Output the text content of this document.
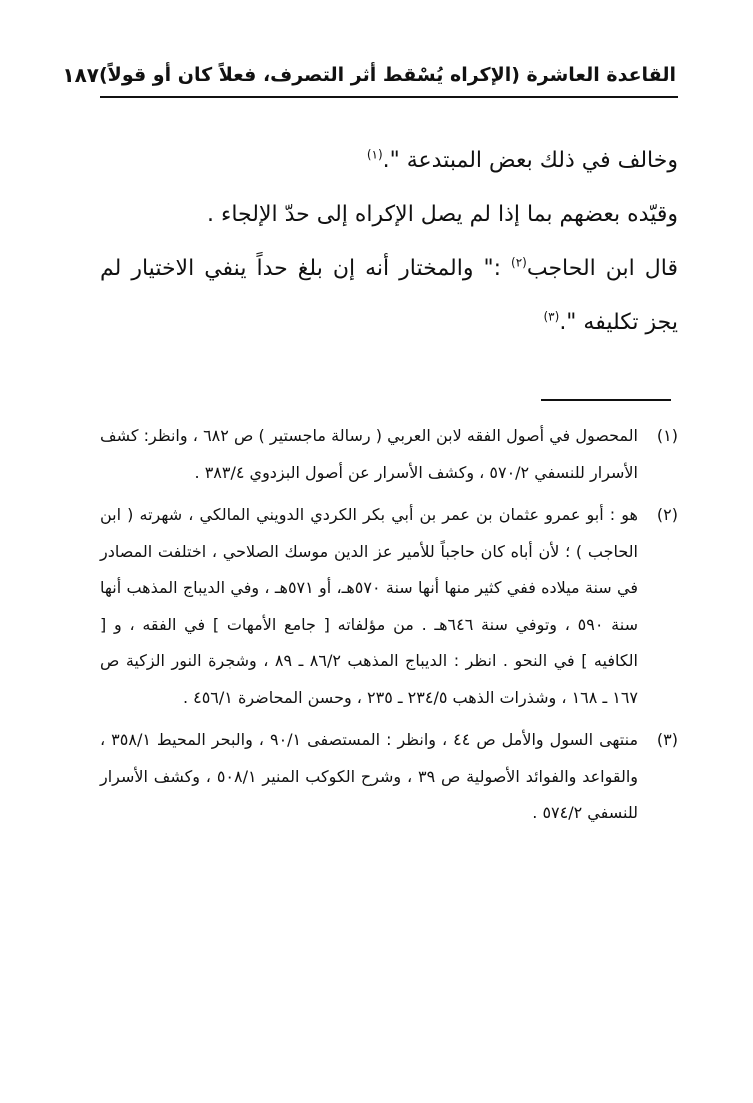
القاعدة العاشرة (الإكراه يُسْقط أثر التصرف، فعلاً كان أو قولاً)
١٨٧

وخالف في ذلك بعض المبتدعة ".$^{(١)}$

وقيّده بعضهم بما إذا لم يصل الإكراه إلى حدّ الإلجاء .

قال ابن الحاجب$^{(٢)}$ :" والمختار أنه إن بلغ حداً ينفي الاختيار لم يجز تكليفه ".$^{(٣)}$

(١)
المحصول في أصول الفقه لابن العربي ( رسالة ماجستير ) ص ٦٨٢ ، وانظر: كشف الأسرار للنسفي ٥٧٠/٢ ، وكشف الأسرار عن أصول البزدوي ٣٨٣/٤ .
(٢)
هو : أبو عمرو عثمان بن عمر بن أبي بكر الكردي الدويني المالكي ، شهرته ( ابن الحاجب ) ؛ لأن أباه كان حاجباً للأمير عز الدين موسك الصلاحي ، اختلفت المصادر في سنة ميلاده ففي كثير منها أنها سنة ٥٧٠هـ، أو ٥٧١هـ ، وفي الديباج المذهب أنها سنة ٥٩٠ ، وتوفي سنة ٦٤٦هـ . من مؤلفاته [ جامع الأمهات ] في الفقه ، و [ الكافيه ] في النحو . انظر : الديباج المذهب ٨٦/٢ ـ ٨٩ ، وشجرة النور الزكية ص ١٦٧ ـ ١٦٨ ، وشذرات الذهب ٢٣٤/٥ ـ ٢٣٥ ، وحسن المحاضرة ٤٥٦/١ .
(٣)
منتهى السول والأمل ص ٤٤ ، وانظر : المستصفى ٩٠/١ ، والبحر المحيط ٣٥٨/١ ، والقواعد والفوائد الأصولية ص ٣٩ ، وشرح الكوكب المنير ٥٠٨/١ ، وكشف الأسرار للنسفي ٥٧٤/٢ .
